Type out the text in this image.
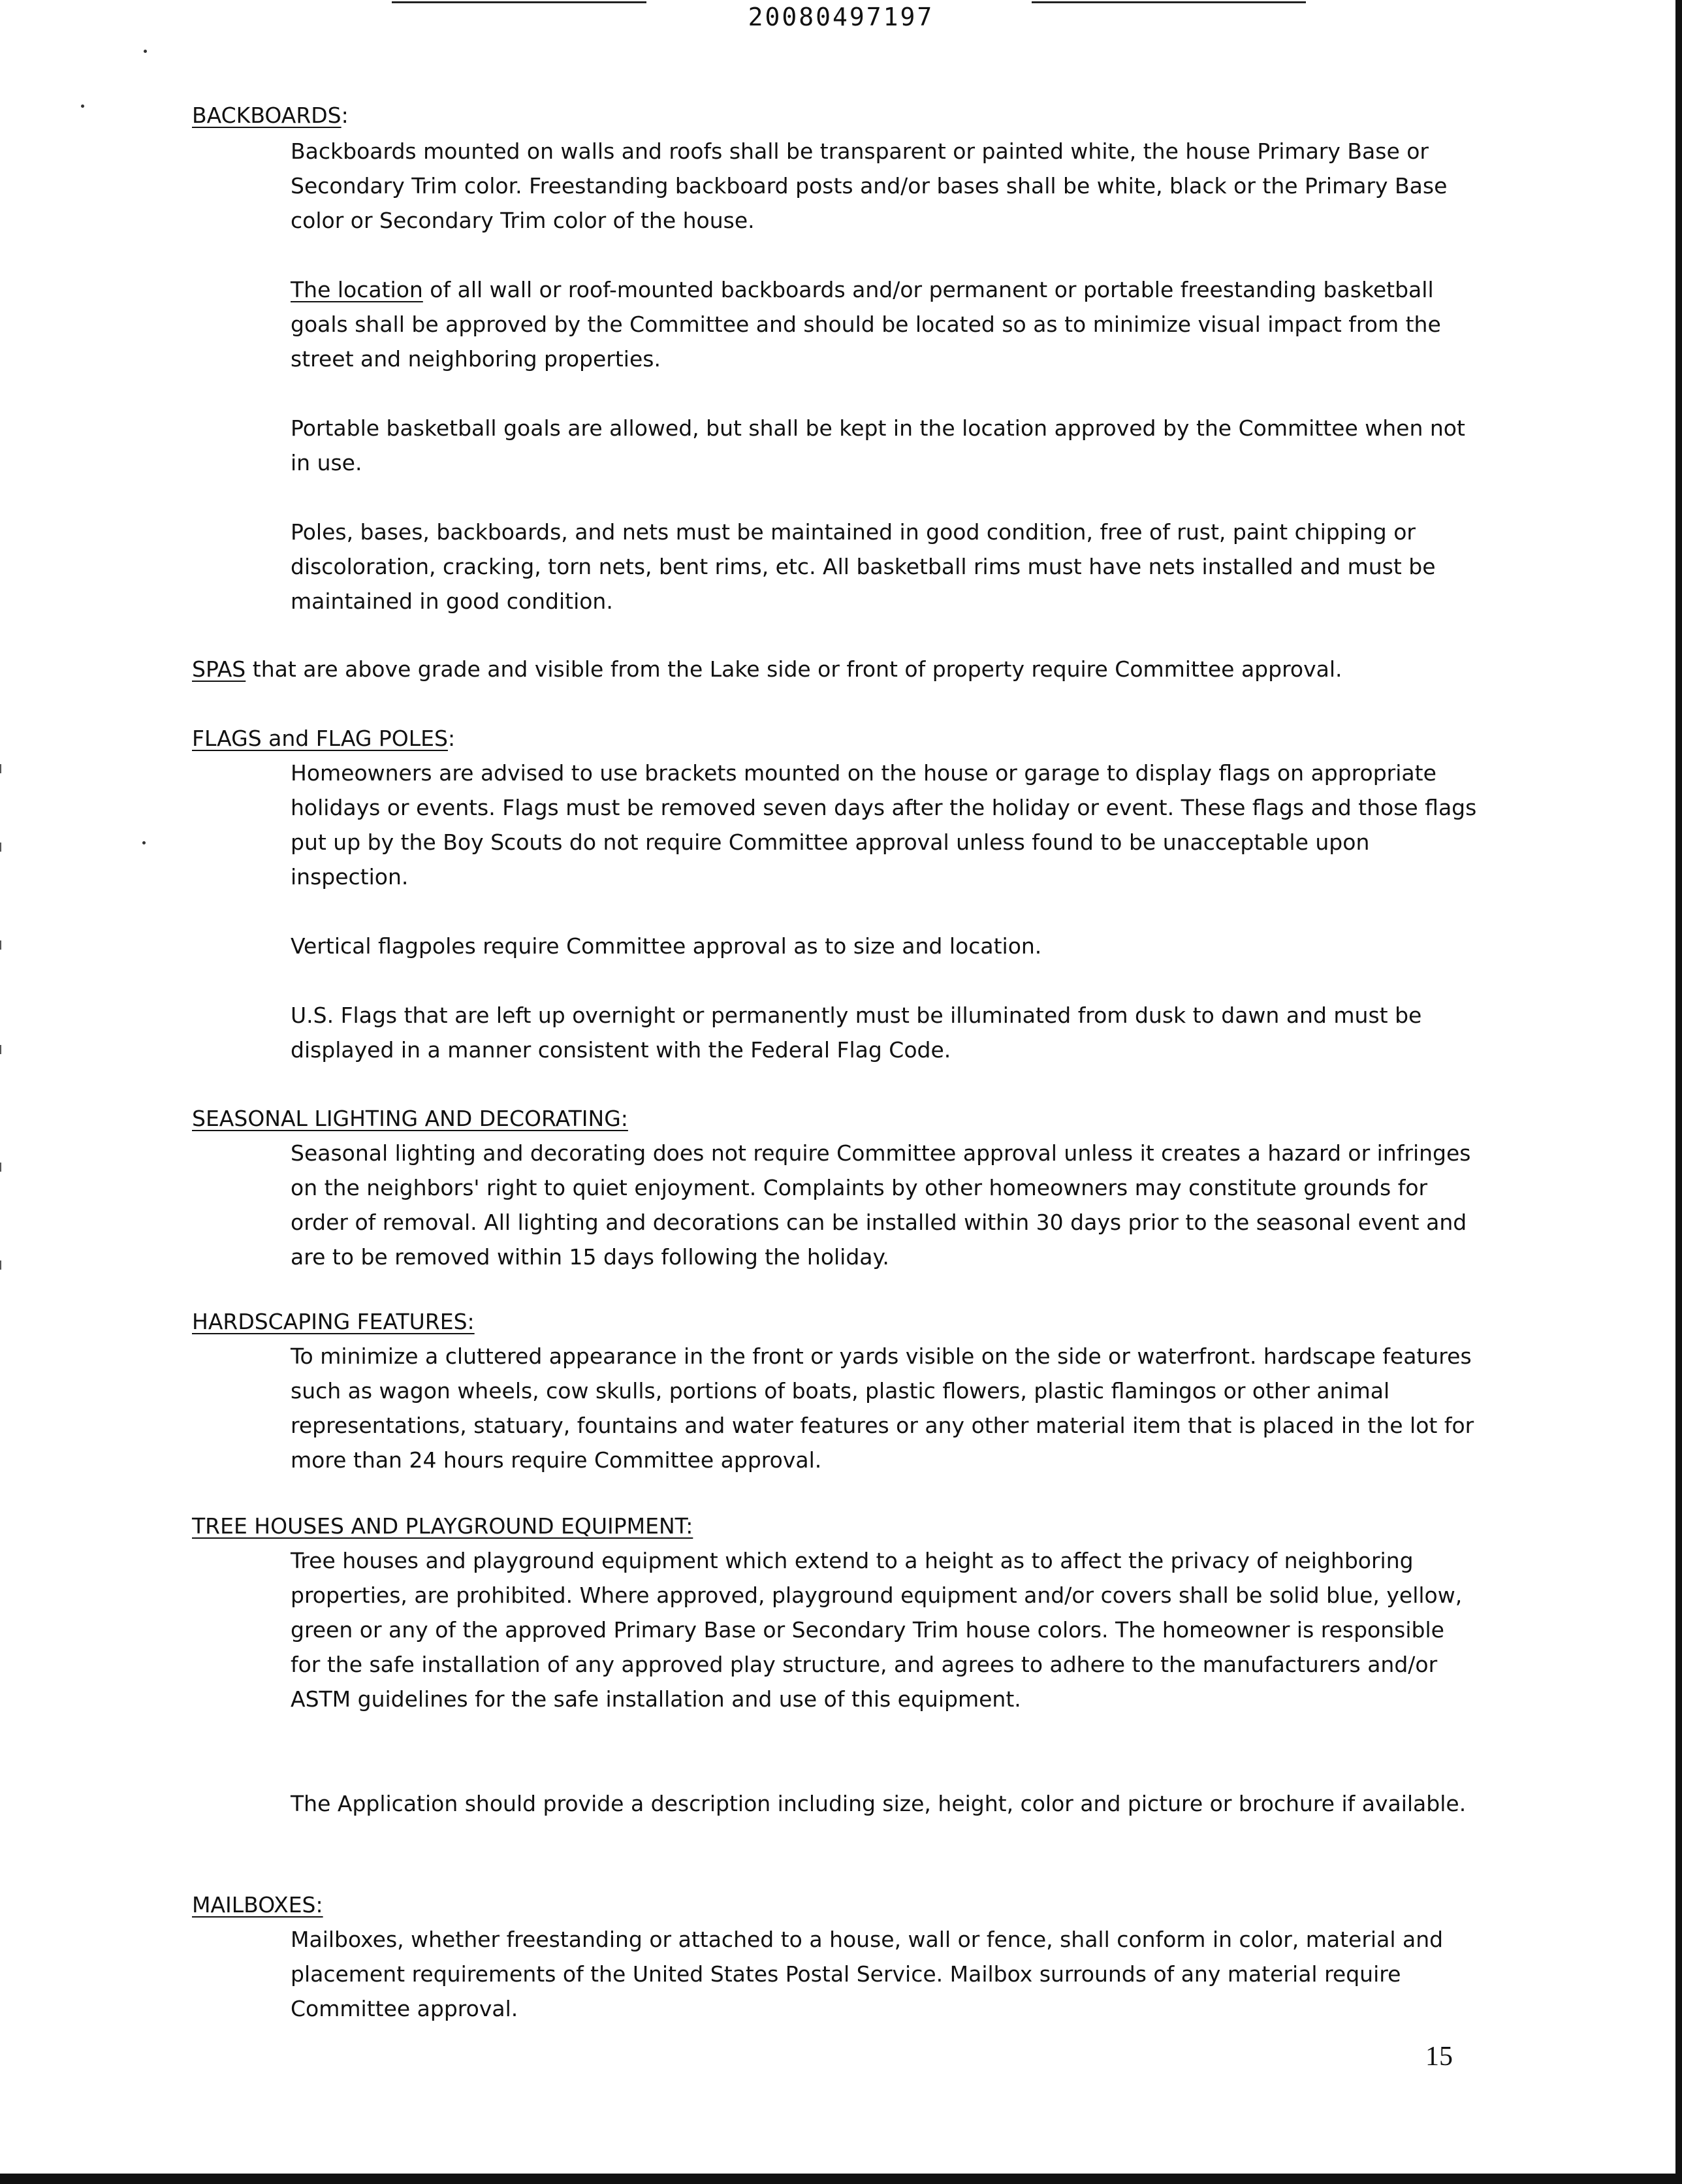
20080497197
BACKBOARDS:
Backboards mounted on walls and roofs shall be transparent or painted white, the house Primary Base or Secondary Trim color. Freestanding backboard posts and/or bases shall be white, black or the Primary Base color or Secondary Trim color of the house.
The location of all wall or roof-mounted backboards and/or permanent or portable freestanding basketball goals shall be approved by the Committee and should be located so as to minimize visual impact from the street and neighboring properties.
Portable basketball goals are allowed, but shall be kept in the location approved by the Committee when not in use.
Poles, bases, backboards, and nets must be maintained in good condition, free of rust, paint chipping or discoloration, cracking, torn nets, bent rims, etc. All basketball rims must have nets installed and must be maintained in good condition.
SPAS that are above grade and visible from the Lake side or front of property require Committee approval.
FLAGS and FLAG POLES:
Homeowners are advised to use brackets mounted on the house or garage to display flags on appropriate holidays or events. Flags must be removed seven days after the holiday or event. These flags and those flags put up by the Boy Scouts do not require Committee approval unless found to be unacceptable upon inspection.
Vertical flagpoles require Committee approval as to size and location.
U.S. Flags that are left up overnight or permanently must be illuminated from dusk to dawn and must be displayed in a manner consistent with the Federal Flag Code.
SEASONAL LIGHTING AND DECORATING:
Seasonal lighting and decorating does not require Committee approval unless it creates a hazard or infringes on the neighbors' right to quiet enjoyment. Complaints by other homeowners may constitute grounds for order of removal. All lighting and decorations can be installed within 30 days prior to the seasonal event and are to be removed within 15 days following the holiday.
HARDSCAPING FEATURES:
To minimize a cluttered appearance in the front or yards visible on the side or waterfront. hardscape features such as wagon wheels, cow skulls, portions of boats, plastic flowers, plastic flamingos or other animal representations, statuary, fountains and water features or any other material item that is placed in the lot for more than 24 hours require Committee approval.
TREE HOUSES AND PLAYGROUND EQUIPMENT:
Tree houses and playground equipment which extend to a height as to affect the privacy of neighboring properties, are prohibited. Where approved, playground equipment and/or covers shall be solid blue, yellow, green or any of the approved Primary Base or Secondary Trim house colors. The homeowner is responsible for the safe installation of any approved play structure, and agrees to adhere to the manufacturers and/or ASTM guidelines for the safe installation and use of this equipment.
The Application should provide a description including size, height, color and picture or brochure if available.
MAILBOXES:
Mailboxes, whether freestanding or attached to a house, wall or fence, shall conform in color, material and placement requirements of the United States Postal Service. Mailbox surrounds of any material require Committee approval.
15
